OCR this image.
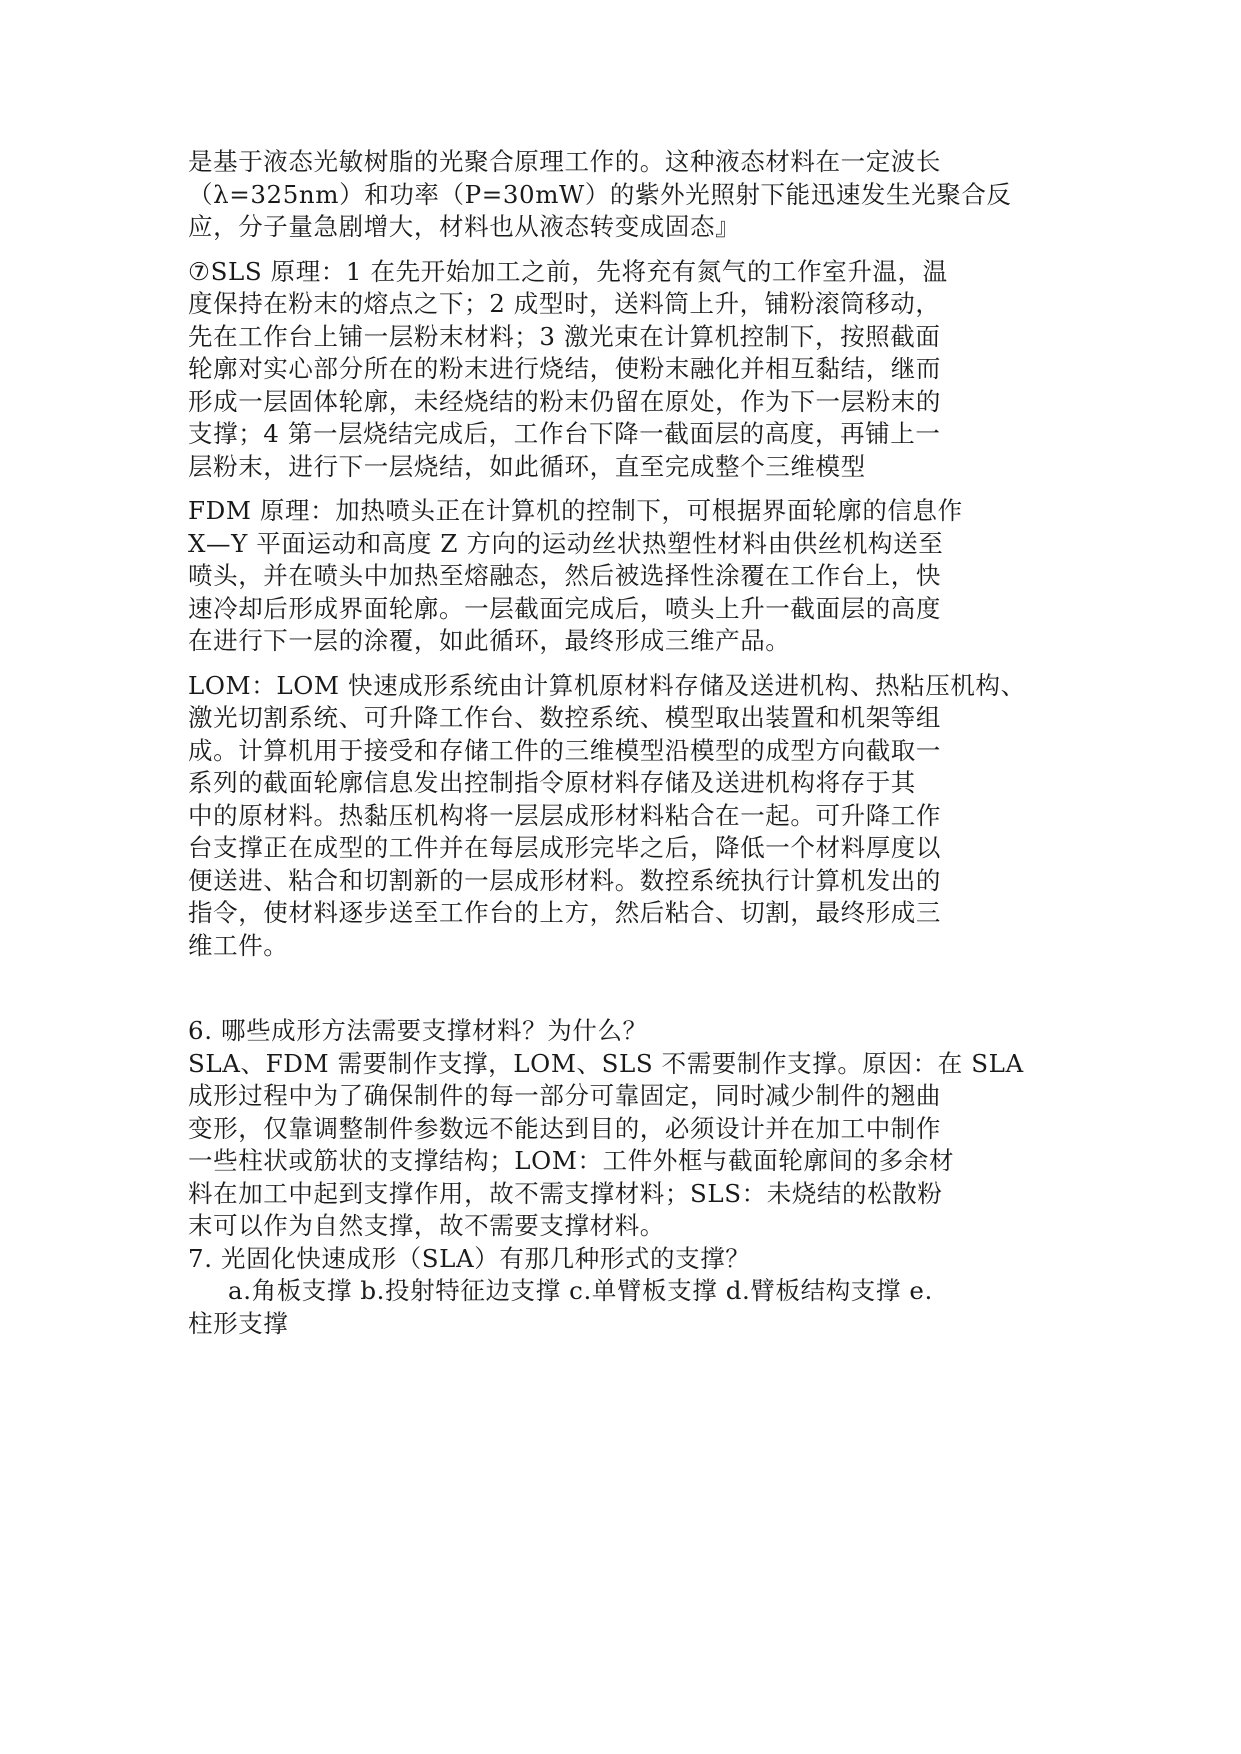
是基于液态光敏树脂的光聚合原理工作的。这种液态材料在一定波长
（λ=325nm）和功率（P=30mW）的紫外光照射下能迅速发生光聚合反
应，分子量急剧增大，材料也从液态转变成固态』
⑦SLS 原理：1 在先开始加工之前，先将充有氮气的工作室升温，温
度保持在粉末的熔点之下；2 成型时，送料筒上升，铺粉滚筒移动，
先在工作台上铺一层粉末材料；3 激光束在计算机控制下，按照截面
轮廓对实心部分所在的粉末进行烧结，使粉末融化并相互黏结，继而
形成一层固体轮廓，未经烧结的粉末仍留在原处，作为下一层粉末的
支撑；4 第一层烧结完成后，工作台下降一截面层的高度，再铺上一
层粉末，进行下一层烧结，如此循环，直至完成整个三维模型
FDM 原理：加热喷头正在计算机的控制下，可根据界面轮廓的信息作
X—Y 平面运动和高度 Z 方向的运动丝状热塑性材料由供丝机构送至
喷头，并在喷头中加热至熔融态，然后被选择性涂覆在工作台上，快
速冷却后形成界面轮廓。一层截面完成后，喷头上升一截面层的高度
在进行下一层的涂覆，如此循环，最终形成三维产品。
LOM：LOM 快速成形系统由计算机原材料存储及送进机构、热粘压机构、
激光切割系统、可升降工作台、数控系统、模型取出装置和机架等组
成。计算机用于接受和存储工件的三维模型沿模型的成型方向截取一
系列的截面轮廓信息发出控制指令原材料存储及送进机构将存于其
中的原材料。热黏压机构将一层层成形材料粘合在一起。可升降工作
台支撑正在成型的工件并在每层成形完毕之后，降低一个材料厚度以
便送进、粘合和切割新的一层成形材料。数控系统执行计算机发出的
指令，使材料逐步送至工作台的上方，然后粘合、切割，最终形成三
维工件。
6. 哪些成形方法需要支撑材料？为什么？
SLA、FDM 需要制作支撑，LOM、SLS 不需要制作支撑。原因：在 SLA
成形过程中为了确保制件的每一部分可靠固定，同时减少制件的翘曲
变形，仅靠调整制件参数远不能达到目的，必须设计并在加工中制作
一些柱状或筋状的支撑结构；LOM：工件外框与截面轮廓间的多余材
料在加工中起到支撑作用，故不需支撑材料；SLS：未烧结的松散粉
末可以作为自然支撑，故不需要支撑材料。
7. 光固化快速成形（SLA）有那几种形式的支撑？
a.角板支撑 b.投射特征边支撑 c.单臂板支撑 d.臂板结构支撑 e.
柱形支撑
